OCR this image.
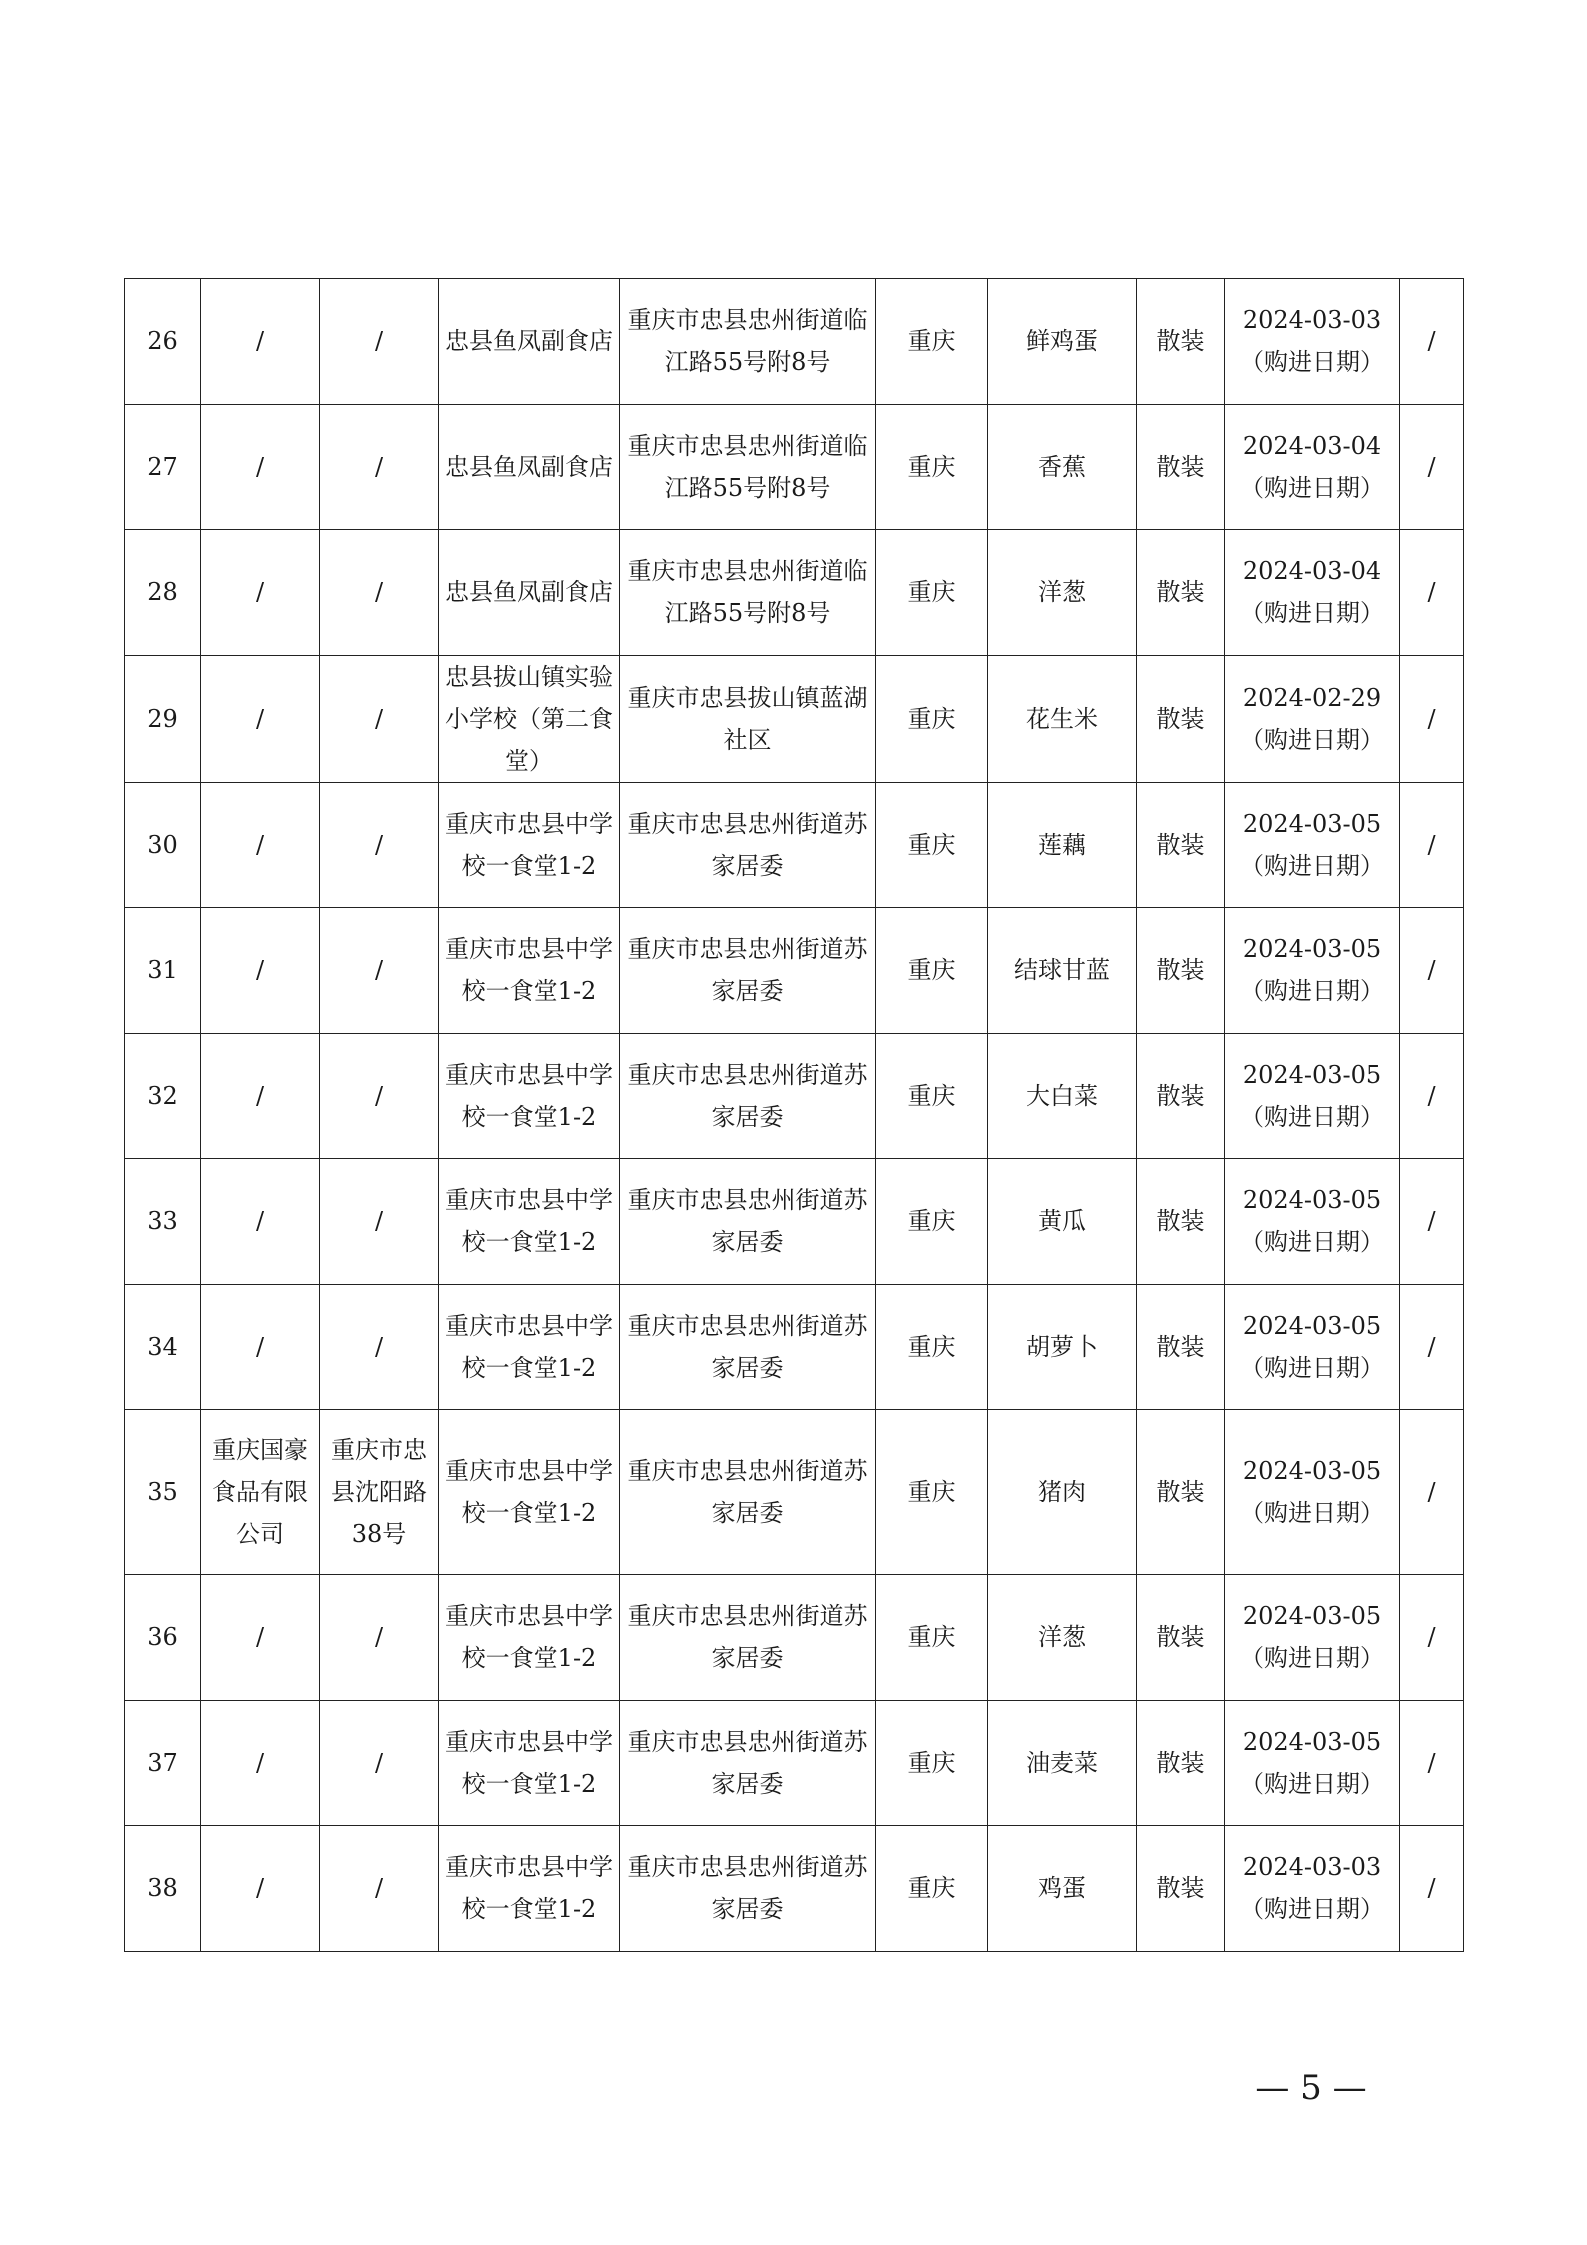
26	/	/	忠县鱼凤副食店	重庆市忠县忠州街道临江路55号附8号	重庆	鲜鸡蛋	散装	2024-03-03（购进日期）	/
27	/	/	忠县鱼凤副食店	重庆市忠县忠州街道临江路55号附8号	重庆	香蕉	散装	2024-03-04（购进日期）	/
28	/	/	忠县鱼凤副食店	重庆市忠县忠州街道临江路55号附8号	重庆	洋葱	散装	2024-03-04（购进日期）	/
29	/	/	忠县拔山镇实验小学校（第二食堂）	重庆市忠县拔山镇蓝湖社区	重庆	花生米	散装	2024-02-29（购进日期）	/
30	/	/	重庆市忠县中学校一食堂1-2	重庆市忠县忠州街道苏家居委	重庆	莲藕	散装	2024-03-05（购进日期）	/
31	/	/	重庆市忠县中学校一食堂1-2	重庆市忠县忠州街道苏家居委	重庆	结球甘蓝	散装	2024-03-05（购进日期）	/
32	/	/	重庆市忠县中学校一食堂1-2	重庆市忠县忠州街道苏家居委	重庆	大白菜	散装	2024-03-05（购进日期）	/
33	/	/	重庆市忠县中学校一食堂1-2	重庆市忠县忠州街道苏家居委	重庆	黄瓜	散装	2024-03-05（购进日期）	/
34	/	/	重庆市忠县中学校一食堂1-2	重庆市忠县忠州街道苏家居委	重庆	胡萝卜	散装	2024-03-05（购进日期）	/
35	重庆国豪食品有限公司	重庆市忠县沈阳路38号	重庆市忠县中学校一食堂1-2	重庆市忠县忠州街道苏家居委	重庆	猪肉	散装	2024-03-05（购进日期）	/
36	/	/	重庆市忠县中学校一食堂1-2	重庆市忠县忠州街道苏家居委	重庆	洋葱	散装	2024-03-05（购进日期）	/
37	/	/	重庆市忠县中学校一食堂1-2	重庆市忠县忠州街道苏家居委	重庆	油麦菜	散装	2024-03-05（购进日期）	/
38	/	/	重庆市忠县中学校一食堂1-2	重庆市忠县忠州街道苏家居委	重庆	鸡蛋	散装	2024-03-03（购进日期）	/
— 5 —
